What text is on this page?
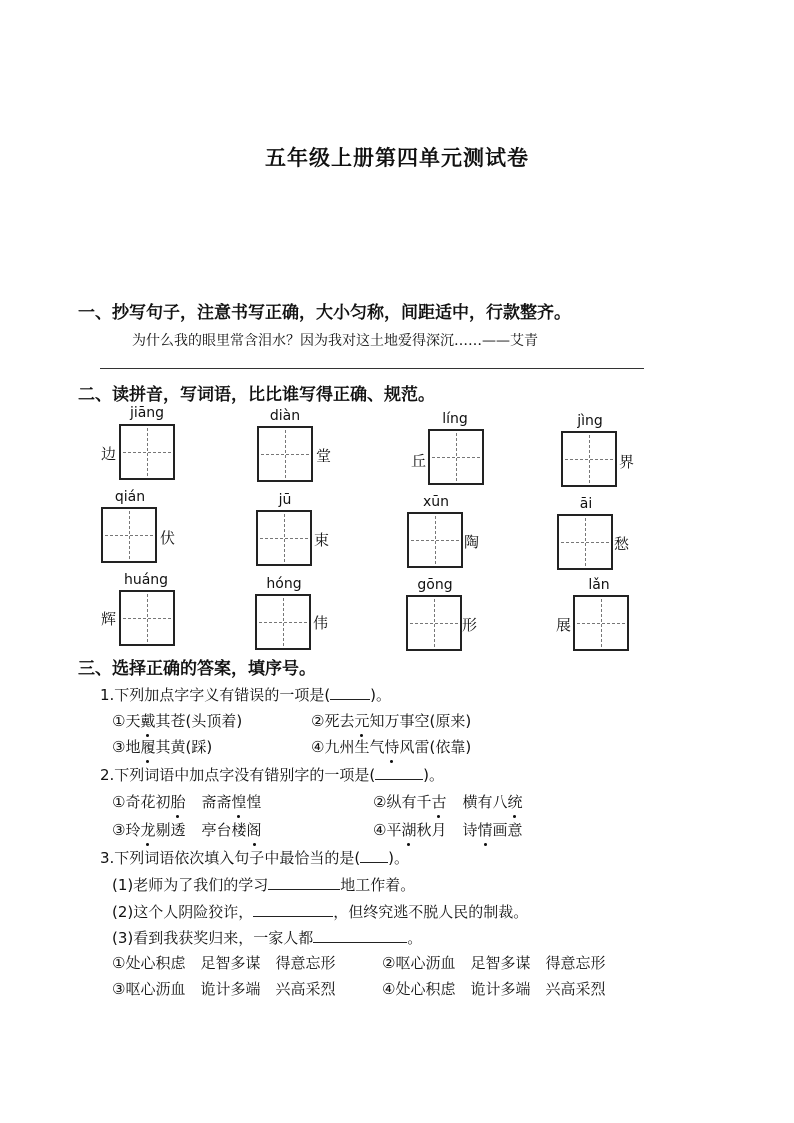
五年级上册第四单元测试卷
一、抄写句子，注意书写正确，大小匀称，间距适中，行款整齐。
为什么我的眼里常含泪水？因为我对这土地爱得深沉……——艾青
二、读拼音，写词语，比比谁写得正确、规范。
jiāng
边
diàn
堂
líng
丘
jìng
界
qián
伏
jū
束
xūn
陶
āi
愁
huáng
辉
hóng
伟
gōng
形
lǎn
展
三、选择正确的答案，填序号。
1.下列加点字字义有错误的一项是(	)。
①天戴其苍(头顶着)	②死去元知万事空(原来)
③地履其黄(踩)	④九州生气恃风雷(依靠)
2.下列词语中加点字没有错别字的一项是(	)。
①奇花初胎 斋斋惶惶	②纵有千古 横有八统
③玲龙剔透 亭台楼阁	④平湖秋月 诗情画意
3.下列词语依次填入句子中最恰当的是( )。
(1)老师为了我们的学习	地工作着。
(2)这个人阴险狡诈，	，但终究逃不脱人民的制裁。
(3)看到我获奖归来，一家人都	。
①处心积虑　足智多谋　得意忘形	②呕心沥血　足智多谋　得意忘形
③呕心沥血　诡计多端　兴高采烈	④处心积虑　诡计多端　兴高采烈
